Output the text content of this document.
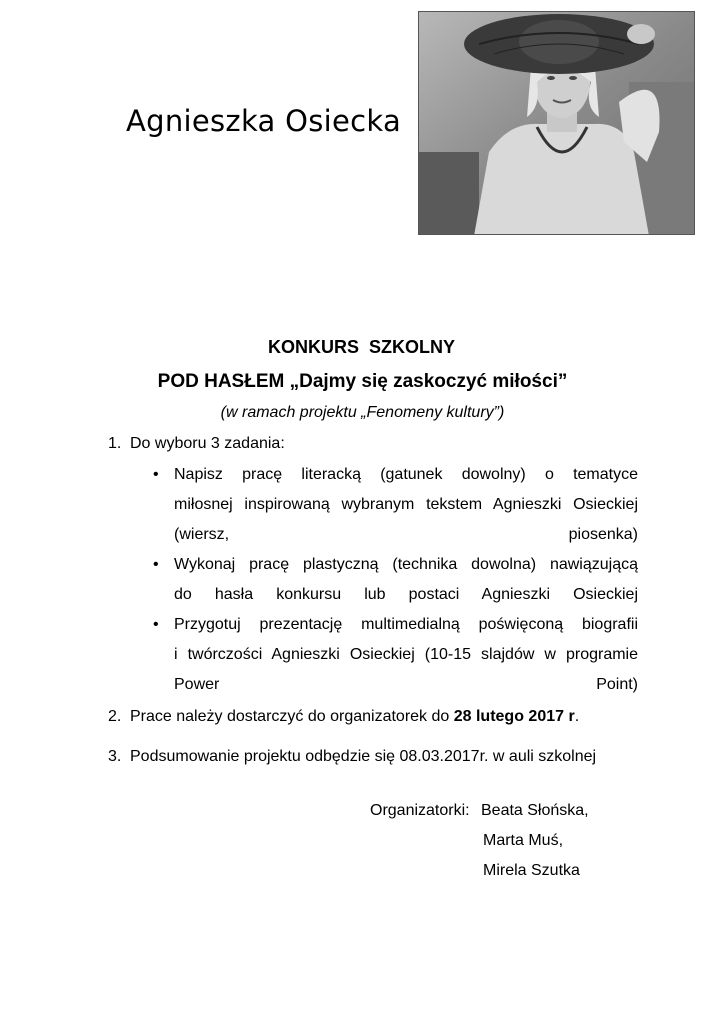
Agnieszka Osiecka
KONKURS  SZKOLNY
POD HASŁEM „Dajmy się zaskoczyć miłości”
(w ramach projektu „Fenomeny kultury”)
1. Do wyboru 3 zadania:
• Napisz pracę literacką (gatunek dowolny) o tematyce
miłosnej inspirowaną wybranym tekstem Agnieszki Osieckiej
(wiersz, piosenka)
• Wykonaj pracę plastyczną (technika dowolna) nawiązującą
do hasła konkursu lub postaci Agnieszki Osieckiej
• Przygotuj prezentację multimedialną poświęconą biografii
i twórczości Agnieszki Osieckiej (10-15 slajdów w programie
Power Point)
2. Prace należy dostarczyć do organizatorek do 28 lutego 2017 r.
3. Podsumowanie projektu odbędzie się 08.03.2017r. w auli szkolnej
Organizatorki: Beata Słońska,
Marta Muś,
Mirela Szutka
